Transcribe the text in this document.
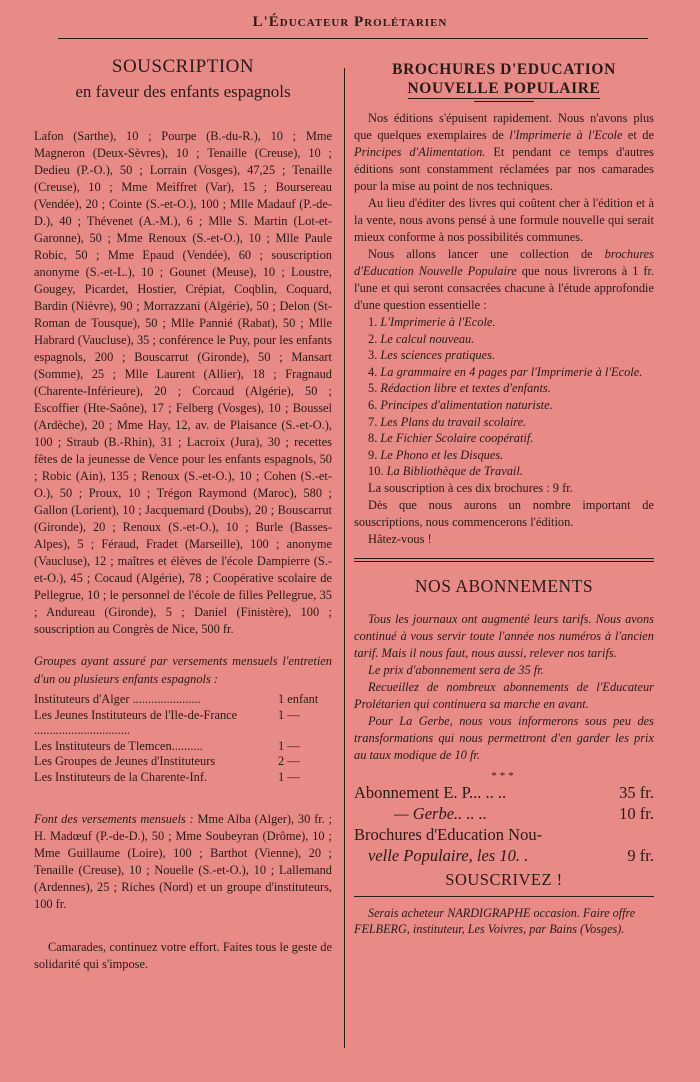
L'Éducateur Prolétarien
SOUSCRIPTION
en faveur des enfants espagnols

Lafon (Sarthe), 10 ; Pourpe (B.-du-R.), 10 ; Mme Magneron (Deux-Sèvres), 10 ; Tenaille (Creuse), 10 ; Dedieu (P.-O.), 50 ; Lorrain (Vosges), 47,25 ; Tenaille (Creuse), 10 ; Mme Meiffret (Var), 15 ; Boursereau (Vendée), 20 ; Cointe (S.-et-O.), 100 ; Mlle Madauf (P.-de-D.), 40 ; Thévenet (A.-M.), 6 ; Mlle S. Martin (Lot-et-Garonne), 50 ; Mme Renoux (S.-et-O.), 10 ; Mlle Paule Robic, 50 ; Mme Epaud (Vendée), 60 ; souscription anonyme (S.-et-L.), 10 ; Gounet (Meuse), 10 ; Loustre, Gougey, Picardet, Hostier, Crépiat, Coqblin, Coquard, Bardin (Nièvre), 90 ; Morrazzani (Algérie), 50 ; Delon (St-Roman de Tousque), 50 ; Mlle Pannié (Rabat), 50 ; Mlle Habrard (Vaucluse), 35 ; conférence le Puy, pour les enfants espagnols, 200 ; Bouscarrut (Gironde), 50 ; Mansart (Somme), 25 ; Mlle Laurent (Allier), 18 ; Fragnaud (Charente-Inférieure), 20 ; Corcaud (Algérie), 50 ; Escoffier (Hte-Saône), 17 ; Felberg (Vosges), 10 ; Boussel (Ardèche), 20 ; Mme Hay, 12, av. de Plaisance (S.-et-O.), 100 ; Straub (B.-Rhin), 31 ; Lacroix (Jura), 30 ; recettes fêtes de la jeunesse de Vence pour les enfants espagnols, 50 ; Robic (Ain), 135 ; Renoux (S.-et-O.), 10 ; Cohen (S.-et-O.), 50 ; Proux, 10 ; Trégon Raymond (Maroc), 580 ; Gallon (Lorient), 10 ; Jacquemard (Doubs), 20 ; Bouscarrut (Gironde), 20 ; Renoux (S.-et-O.), 10 ; Burle (Basses-Alpes), 5 ; Féraud, Fradet (Marseille), 100 ; anonyme (Vaucluse), 12 ; maîtres et élèves de l'école Dampierre (S.-et-O.), 45 ; Cocaud (Algérie), 78 ; Coopérative scolaire de Pellegrue, 10 ; le personnel de l'école de filles Pellegrue, 35 ; Andureau (Gironde), 5 ; Daniel (Finistère), 100 ; souscription au Congrès de Nice, 500 fr.

Groupes ayant assuré par versements mensuels l'entretien d'un ou plusieurs enfants espagnols :

Instituteurs d'Alger ......................	1 enfant
Les Jeunes Instituteurs de l'Ile-de-France ...............................	1 —
Les Instituteurs de Tlemcen..........	1 —
Les Groupes de Jeunes d'Instituteurs	2 —
Les Instituteurs de la Charente-Inf.	1 —

Font des versements mensuels : Mme Alba (Alger), 30 fr. ; H. Madœuf (P.-de-D.), 50 ; Mme Soubeyran (Drôme), 10 ; Mme Guillaume (Loire), 100 ; Barthot (Vienne), 20 ; Tenaille (Creuse), 10 ; Nouelle (S.-et-O.), 10 ; Lallemand (Ardennes), 25 ; Riches (Nord) et un groupe d'instituteurs, 100 fr.

Camarades, continuez votre effort. Faites tous le geste de solidarité qui s'impose.

BROCHURES D'EDUCATION
NOUVELLE POPULAIRE

Nos éditions s'épuisent rapidement. Nous n'avons plus que quelques exemplaires de l'Imprimerie à l'Ecole et de Principes d'Alimentation. Et pendant ce temps d'autres éditions sont constamment réclamées par nos camarades pour la mise au point de nos techniques.

Au lieu d'éditer des livres qui coûtent cher à l'édition et à la vente, nous avons pensé à une formule nouvelle qui serait mieux conforme à nos possibilités communes.

Nous allons lancer une collection de brochures d'Education Nouvelle Populaire que nous livrerons à 1 fr. l'une et qui seront consacrées chacune à l'étude approfondie d'une question essentielle :

1. L'Imprimerie à l'Ecole.
2. Le calcul nouveau.
3. Les sciences pratiques.
4. La grammaire en 4 pages par l'Imprimerie à l'Ecole.
5. Rédaction libre et textes d'enfants.
6. Principes d'alimentation naturiste.
7. Les Plans du travail scolaire.
8. Le Fichier Scolaire coopératif.
9. Le Phono et les Disques.
10. La Bibliothèque de Travail.

La souscription à ces dix brochures : 9 fr.

Dès que nous aurons un nombre important de souscriptions, nous commencerons l'édition.

Hâtez-vous !

NOS ABONNEMENTS

Tous les journaux ont augmenté leurs tarifs. Nous avons continué à vous servir toute l'année nos numéros à l'ancien tarif. Mais il nous faut, nous aussi, relever nos tarifs.

Le prix d'abonnement sera de 35 fr.

Recueillez de nombreux abonnements de l'Educateur Prolétarien qui continuera sa marche en avant.

Pour La Gerbe, nous vous informerons sous peu des transformations qui nous permettront d'en garder les prix au taux modique de 10 fr.

***
Abonnement E. P... .. ..	35 fr.
— Gerbe.. .. ..	10 fr.
Brochures d'Education Nou-
velle Populaire, les 10. .	9 fr.
SOUSCRIVEZ !

Serais acheteur NARDIGRAPHE occasion. Faire offre FELBERG, instituteur, Les Voivres, par Bains (Vosges).
